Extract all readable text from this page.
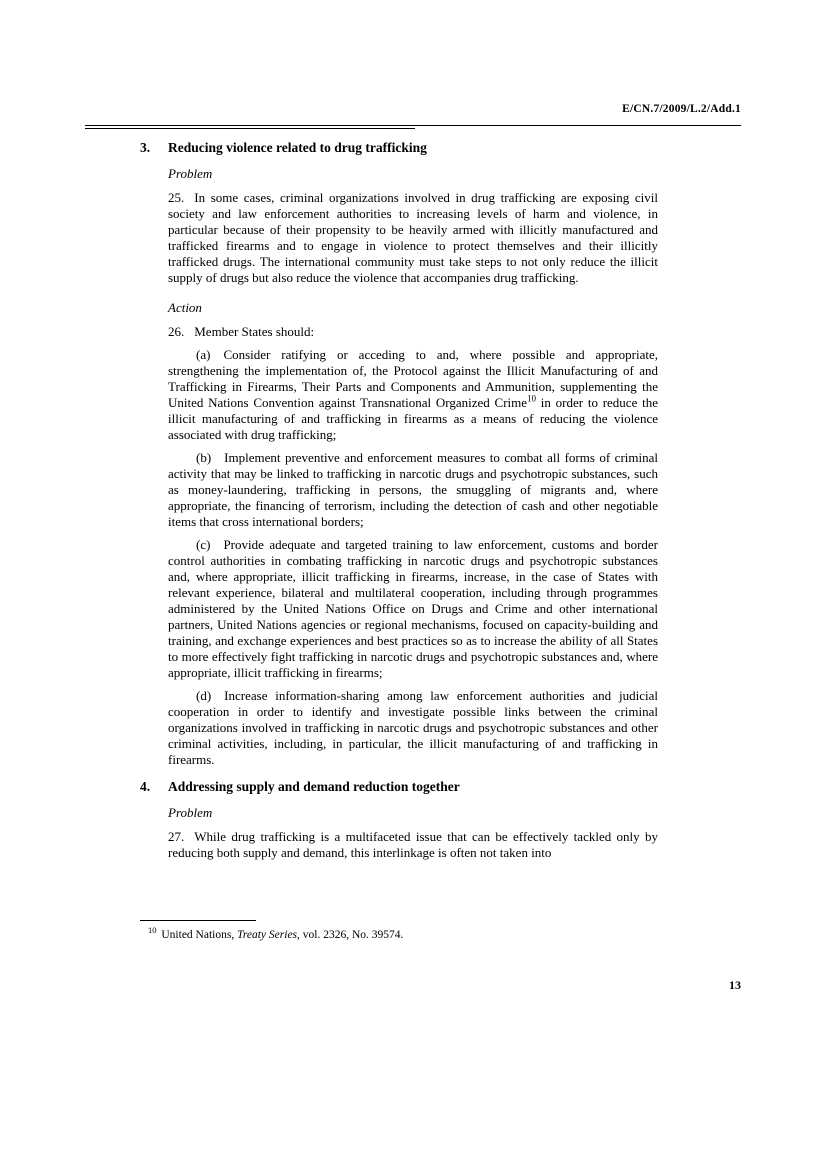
E/CN.7/2009/L.2/Add.1
3. Reducing violence related to drug trafficking

Problem

25. In some cases, criminal organizations involved in drug trafficking are exposing civil society and law enforcement authorities to increasing levels of harm and violence, in particular because of their propensity to be heavily armed with illicitly manufactured and trafficked firearms and to engage in violence to protect themselves and their illicitly trafficked drugs. The international community must take steps to not only reduce the illicit supply of drugs but also reduce the violence that accompanies drug trafficking.

Action

26. Member States should:

(a) Consider ratifying or acceding to and, where possible and appropriate, strengthening the implementation of, the Protocol against the Illicit Manufacturing of and Trafficking in Firearms, Their Parts and Components and Ammunition, supplementing the United Nations Convention against Transnational Organized Crime$^{10}$ in order to reduce the illicit manufacturing of and trafficking in firearms as a means of reducing the violence associated with drug trafficking;

(b) Implement preventive and enforcement measures to combat all forms of criminal activity that may be linked to trafficking in narcotic drugs and psychotropic substances, such as money-laundering, trafficking in persons, the smuggling of migrants and, where appropriate, the financing of terrorism, including the detection of cash and other negotiable items that cross international borders;

(c) Provide adequate and targeted training to law enforcement, customs and border control authorities in combating trafficking in narcotic drugs and psychotropic substances and, where appropriate, illicit trafficking in firearms, increase, in the case of States with relevant experience, bilateral and multilateral cooperation, including through programmes administered by the United Nations Office on Drugs and Crime and other international partners, United Nations agencies or regional mechanisms, focused on capacity-building and training, and exchange experiences and best practices so as to increase the ability of all States to more effectively fight trafficking in narcotic drugs and psychotropic substances and, where appropriate, illicit trafficking in firearms;

(d) Increase information-sharing among law enforcement authorities and judicial cooperation in order to identify and investigate possible links between the criminal organizations involved in trafficking in narcotic drugs and psychotropic substances and other criminal activities, including, in particular, the illicit manufacturing of and trafficking in firearms.

4. Addressing supply and demand reduction together

Problem

27. While drug trafficking is a multifaceted issue that can be effectively tackled only by reducing both supply and demand, this interlinkage is often not taken into

$^{10}$ United Nations, Treaty Series, vol. 2326, No. 39574.

13
